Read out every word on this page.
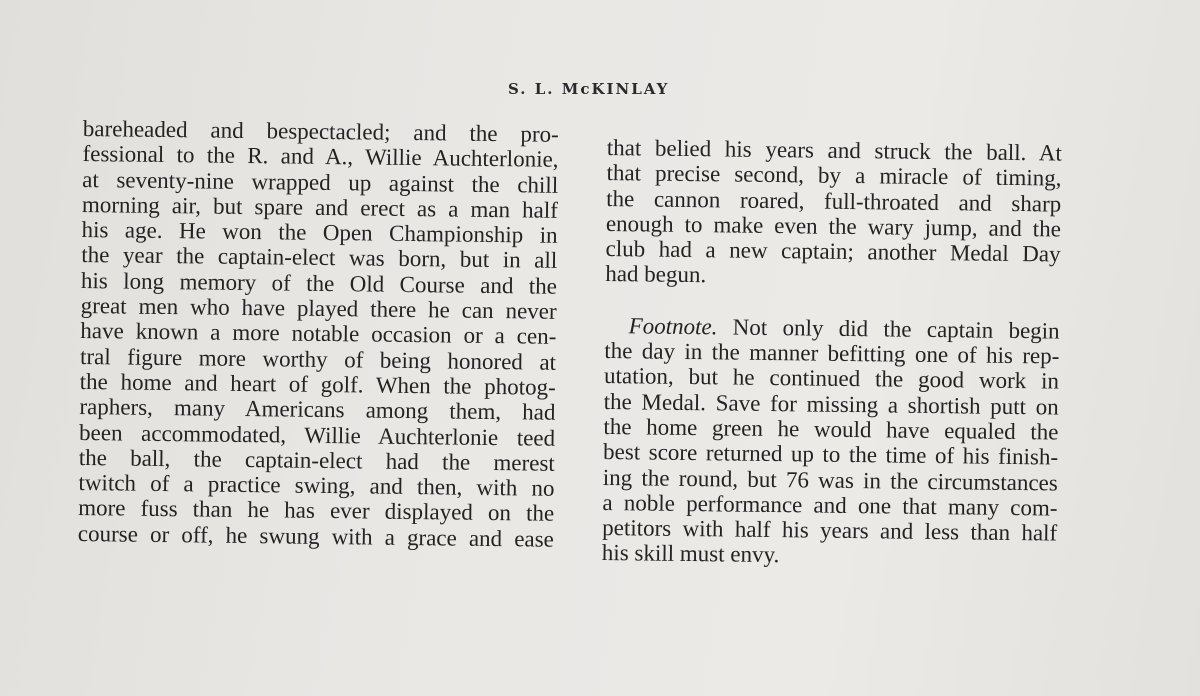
S. L. McKINLAY
bareheaded and bespectacled; and the pro-
fessional to the R. and A., Willie Auchterlonie,
at seventy-nine wrapped up against the chill
morning air, but spare and erect as a man half
his age. He won the Open Championship in
the year the captain-elect was born, but in all
his long memory of the Old Course and the
great men who have played there he can never
have known a more notable occasion or a cen-
tral figure more worthy of being honored at
the home and heart of golf. When the photog-
raphers, many Americans among them, had
been accommodated, Willie Auchterlonie teed
the ball, the captain-elect had the merest
twitch of a practice swing, and then, with no
more fuss than he has ever displayed on the
course or off, he swung with a grace and ease
that belied his years and struck the ball. At
that precise second, by a miracle of timing,
the cannon roared, full-throated and sharp
enough to make even the wary jump, and the
club had a new captain; another Medal Day
had begun.
Footnote. Not only did the captain begin
the day in the manner befitting one of his rep-
utation, but he continued the good work in
the Medal. Save for missing a shortish putt on
the home green he would have equaled the
best score returned up to the time of his finish-
ing the round, but 76 was in the circumstances
a noble performance and one that many com-
petitors with half his years and less than half
his skill must envy.
